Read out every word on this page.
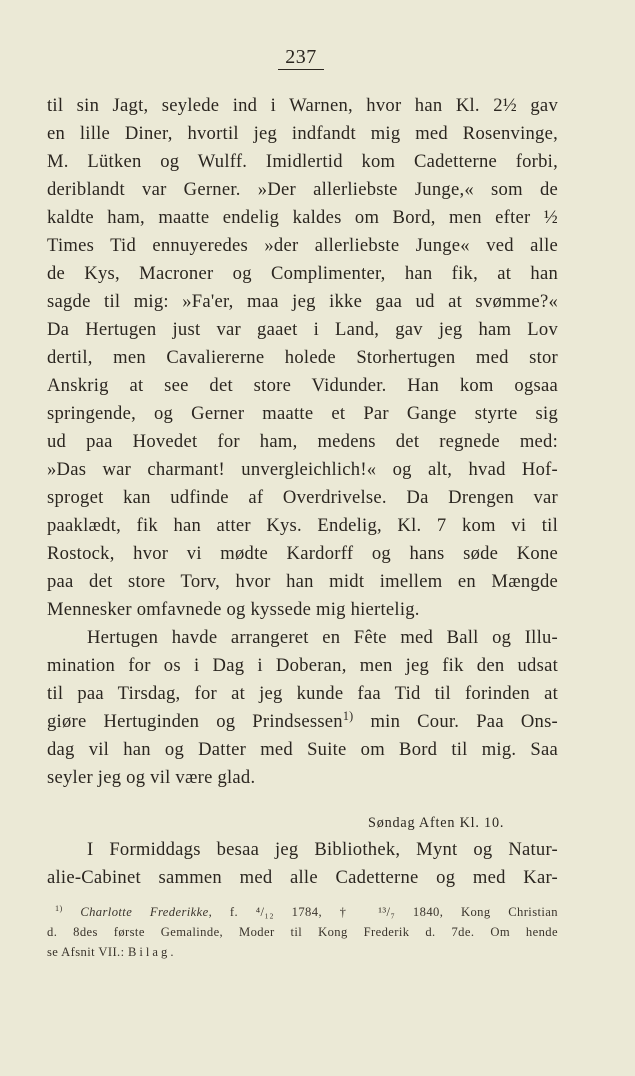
237
til sin Jagt, seylede ind i Warnen, hvor han Kl. 2½ gav
en lille Diner, hvortil jeg indfandt mig med Rosenvinge,
M. Lütken og Wulff. Imidlertid kom Cadetterne forbi,
deriblandt var Gerner. »Der allerliebste Junge,« som de
kaldte ham, maatte endelig kaldes om Bord, men efter ½
Times Tid ennuyeredes »der allerliebste Junge« ved alle
de Kys, Macroner og Complimenter, han fik, at han
sagde til mig: »Fa'er, maa jeg ikke gaa ud at svømme?«
Da Hertugen just var gaaet i Land, gav jeg ham Lov
dertil, men Cavaliererne holede Storhertugen med stor
Anskrig at see det store Vidunder. Han kom ogsaa
springende, og Gerner maatte et Par Gange styrte sig
ud paa Hovedet for ham, medens det regnede med:
»Das war charmant! unvergleichlich!« og alt, hvad Hof-
sproget kan udfinde af Overdrivelse. Da Drengen var
paaklædt, fik han atter Kys. Endelig, Kl. 7 kom vi til
Rostock, hvor vi mødte Kardorff og hans søde Kone
paa det store Torv, hvor han midt imellem en Mængde
Mennesker omfavnede og kyssede mig hiertelig.
Hertugen havde arrangeret en Fête med Ball og Illu-
mination for os i Dag i Doberan, men jeg fik den udsat
til paa Tirsdag, for at jeg kunde faa Tid til forinden at
giøre Hertuginden og Prindsessen$^{1)}$ min Cour. Paa Ons-
dag vil han og Datter med Suite om Bord til mig. Saa
seyler jeg og vil være glad.
Søndag Aften Kl. 10.
I Formiddags besaa jeg Bibliothek, Mynt og Natur-
alie-Cabinet sammen med alle Cadetterne og med Kar-
$^{1)}$ Charlotte Frederikke, f. ⁴/₁₂ 1784, † ¹³/₇ 1840, Kong Christian
d. 8des første Gemalinde, Moder til Kong Frederik d. 7de. Om hende
se Afsnit VII.: Bilag.
